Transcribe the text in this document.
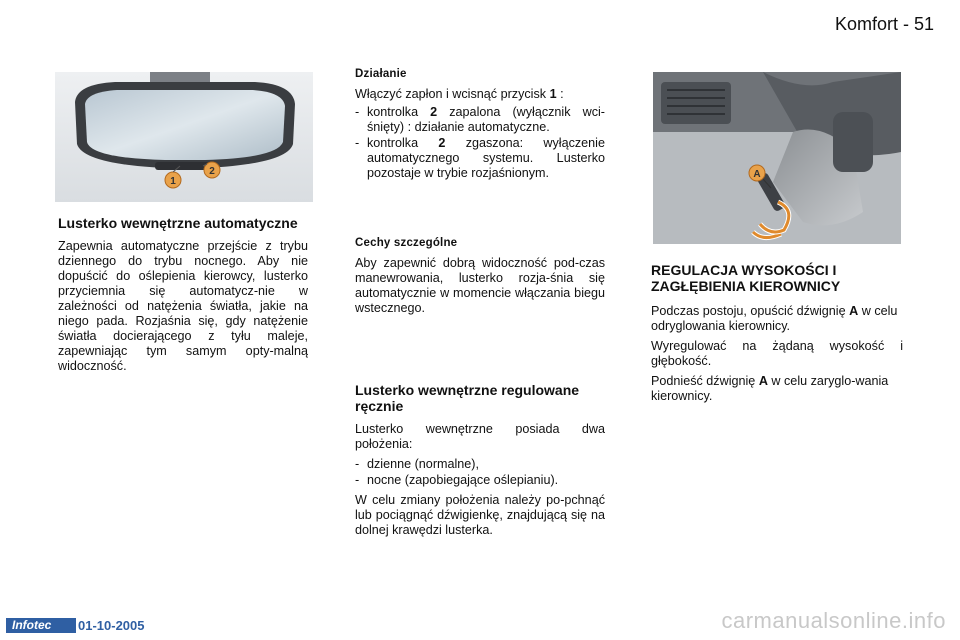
Komfort - 51
1
2
Lusterko wewnętrzne automatyczne

Zapewnia automatyczne przejście z trybu dziennego do trybu nocnego. Aby nie dopuścić do oślepienia kierowcy, lusterko przyciemnia się automatycz-nie w zależności od natężenia światła, jakie na niego pada. Rozjaśnia się, gdy natężenie światła docierającego z tyłu maleje, zapewniając tym samym opty-malną widoczność.

Działanie

Włączyć zapłon i wcisnąć przycisk 1 :

- kontrolka 2 zapalona (wyłącznik wci-śnięty) : działanie automatyczne.
- kontrolka 2 zgaszona: wyłączenie automatycznego systemu. Lusterko pozostaje w trybie rozjaśnionym.
Cechy szczególne

Aby zapewnić dobrą widoczność pod-czas manewrowania, lusterko rozja-śnia się automatycznie w momencie włączania biegu wstecznego.

Lusterko wewnętrzne regulowane ręcznie

Lusterko wewnętrzne posiada dwa położenia:

- dzienne (normalne),
- nocne (zapobiegające oślepianiu).

W celu zmiany położenia należy po-pchnąć lub pociągnąć dźwigienkę, znajdującą się na dolnej krawędzi lusterka.

A
REGULACJA WYSOKOŚCI I ZAGŁĘBIENIA KIEROWNICY

Podczas postoju, opuścić dźwignię A w celu odryglowania kierownicy.

Wyregulować na żądaną wysokość i głębokość.

Podnieść dźwignię A w celu zaryglo-wania kierownicy.

Infotec	01-10-2005	carmanualsonline.info
